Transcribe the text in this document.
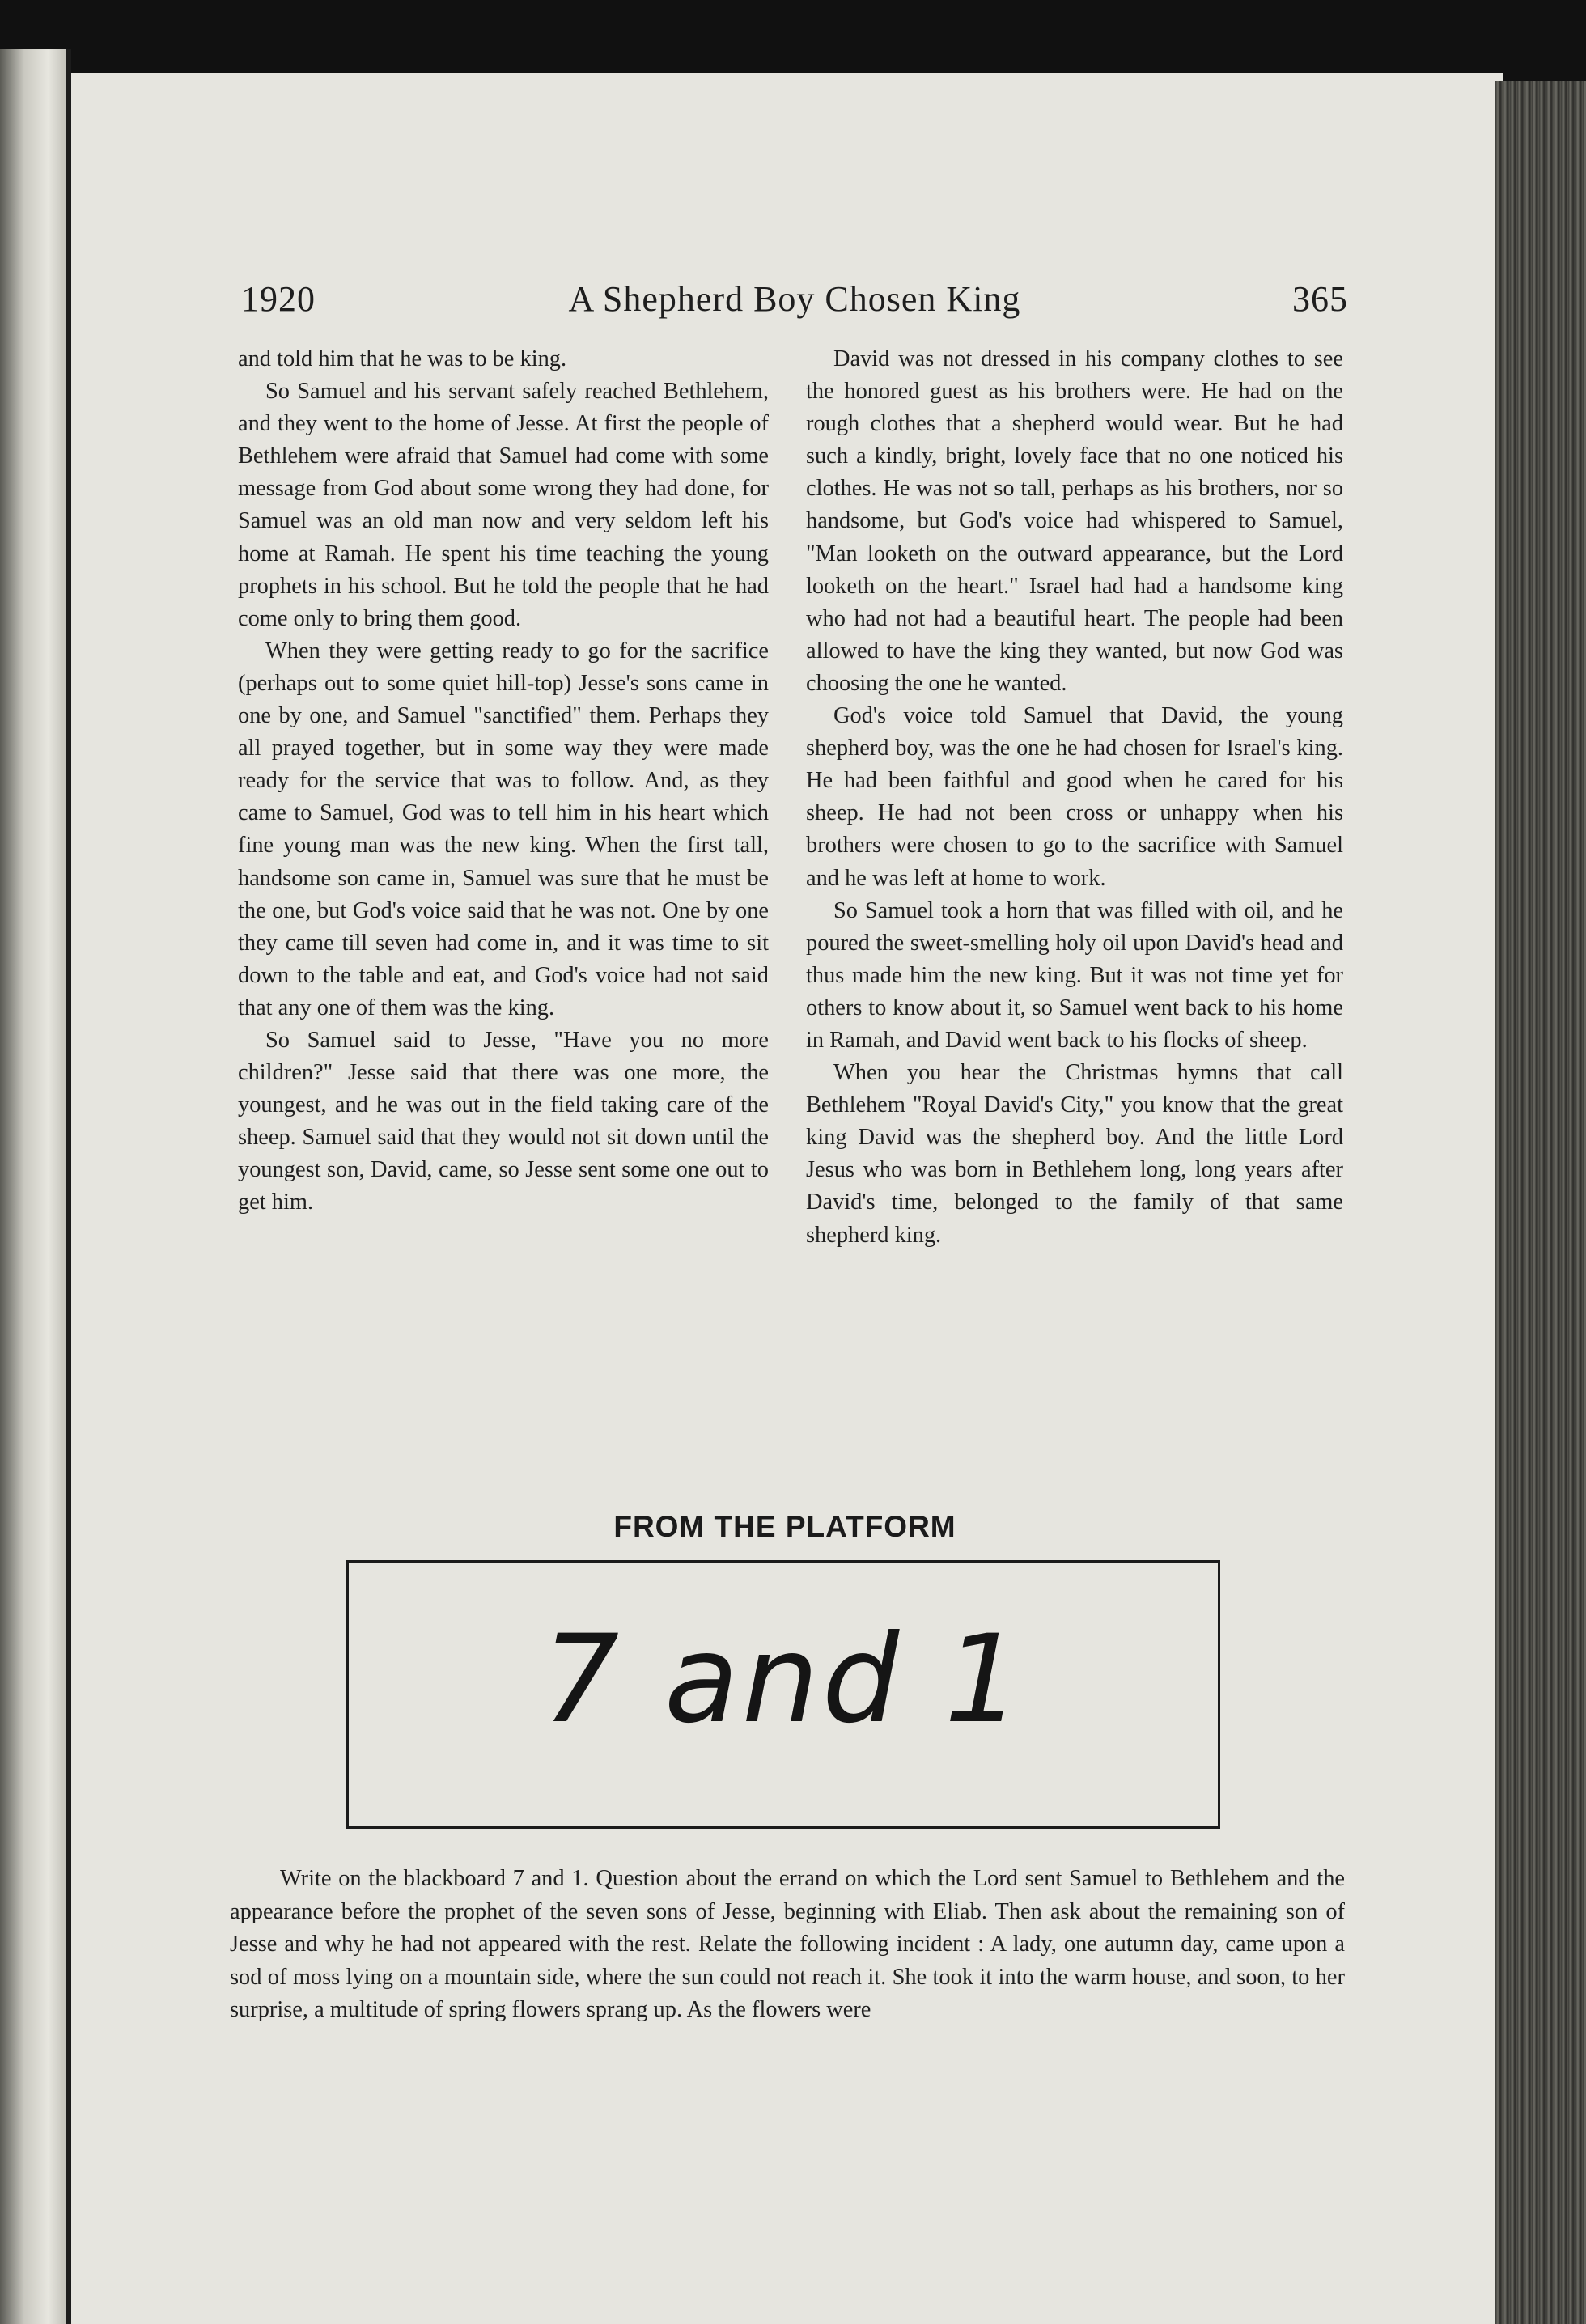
1920	A Shepherd Boy Chosen King	365

and told him that he was to be king.

So Samuel and his servant safely reached Bethlehem, and they went to the home of Jesse. At first the people of Bethlehem were afraid that Samuel had come with some message from God about some wrong they had done, for Samuel was an old man now and very seldom left his home at Ramah. He spent his time teaching the young prophets in his school. But he told the people that he had come only to bring them good.

When they were getting ready to go for the sacrifice (perhaps out to some quiet hill-top) Jesse's sons came in one by one, and Samuel "sanctified" them. Perhaps they all prayed together, but in some way they were made ready for the service that was to follow. And, as they came to Samuel, God was to tell him in his heart which fine young man was the new king. When the first tall, handsome son came in, Samuel was sure that he must be the one, but God's voice said that he was not. One by one they came till seven had come in, and it was time to sit down to the table and eat, and God's voice had not said that any one of them was the king.

So Samuel said to Jesse, "Have you no more children?" Jesse said that there was one more, the youngest, and he was out in the field taking care of the sheep. Samuel said that they would not sit down until the youngest son, David, came, so Jesse sent some one out to get him.

David was not dressed in his company clothes to see the honored guest as his brothers were. He had on the rough clothes that a shepherd would wear. But he had such a kindly, bright, lovely face that no one noticed his clothes. He was not so tall, perhaps as his brothers, nor so handsome, but God's voice had whispered to Samuel, "Man looketh on the outward appearance, but the Lord looketh on the heart." Israel had had a handsome king who had not had a beautiful heart. The people had been allowed to have the king they wanted, but now God was choosing the one he wanted.

God's voice told Samuel that David, the young shepherd boy, was the one he had chosen for Israel's king. He had been faithful and good when he cared for his sheep. He had not been cross or unhappy when his brothers were chosen to go to the sacrifice with Samuel and he was left at home to work.

So Samuel took a horn that was filled with oil, and he poured the sweet-smelling holy oil upon David's head and thus made him the new king. But it was not time yet for others to know about it, so Samuel went back to his home in Ramah, and David went back to his flocks of sheep.

When you hear the Christmas hymns that call Bethlehem "Royal David's City," you know that the great king David was the shepherd boy. And the little Lord Jesus who was born in Bethlehem long, long years after David's time, belonged to the family of that same shepherd king.

FROM THE PLATFORM
7 and 1

Write on the blackboard 7 and 1. Question about the errand on which the Lord sent Samuel to Bethlehem and the appearance before the prophet of the seven sons of Jesse, beginning with Eliab. Then ask about the remaining son of Jesse and why he had not appeared with the rest. Relate the following incident : A lady, one autumn day, came upon a sod of moss lying on a mountain side, where the sun could not reach it. She took it into the warm house, and soon, to her surprise, a multitude of spring flowers sprang up. As the flowers were
